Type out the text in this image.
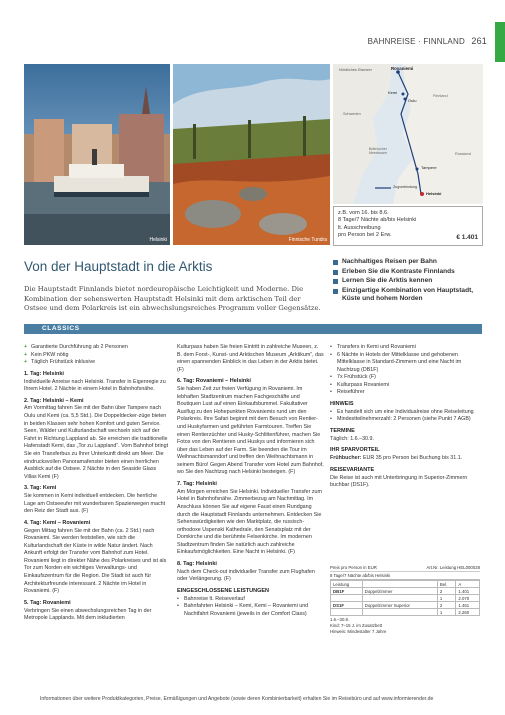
BAHNREISE · FINNLAND 261
Helsinki	Finnische Tundra
Nördliches Eismeer	Rovaniemi
Kemi
Oulu
Finnland
Schweden
Bottnischer Meerbusen
Tampere
Zugverbindung
Helsinki
Russland
z.B. vom 16. bis 8.6.
8 Tage/7 Nächte ab/bis Helsinki
lt. Ausschreibung
pro Person bei 2 Erw.	€ 1.401
Von der Hauptstadt in die Arktis

Die Hauptstadt Finnlands bietet nordeuropäische Leichtigkeit und Moderne. Die Kombination der sehenswerten Hauptstadt Helsinki mit dem arktischen Teil der Ostsee und dem Polarkreis ist ein abwechslungsreiches Programm voller Gegensätze.

Nachhaltiges Reisen per Bahn
Erleben Sie die Kontraste Finnlands
Lernen Sie die Arktis kennen
Einzigartige Kombination von Hauptstadt, Küste und hohem Norden
CLASSICS
+ Garantierte Durchführung ab 2 Personen
+ Kein PKW nötig
+ Täglich Frühstück inklusive
1. Tag: Helsinki

Individuelle Anreise nach Helsinki. Transfer in Eigenregie zu Ihrem Hotel. 2 Nächte in einem Hotel in Bahnhofsnähe.

2. Tag: Helsinki – Kemi

Am Vormittag fahren Sie mit der Bahn über Tampere nach Oulu und Kemi (ca. 5,5 Std.). Die Doppeldecker-züge bieten in beiden Klassen sehr hohen Komfort und guten Service. Seen, Wälder und Kulturlandschaft wechseln sich auf der Fahrt in Richtung Lappland ab. Sie erreichen die traditionelle Hafenstadt Kemi, das „Tor zu Lappland“. Vom Bahnhof bringt Sie ein Transferbus zu Ihrer Unterkunft direkt am Meer. Die eindrucksvollen Panoramafenster bieten einen herrlichen Ausblick auf die Ostsee. 2 Nächte in den Seaside Glass Villas Kemi (F)

3. Tag: Kemi

Sie kommen in Kemi individuell entdecken. Die herrliche Lage am Ostseeufer mit wunderbaren Spazierwegen macht den Reiz der Stadt aus. (F)

4. Tag: Kemi – Rovaniemi

Gegen Mittag fahren Sie mit der Bahn (ca. 2 Std.) nach Rovaniemi. Sie werden feststellen, wie sich die Kulturlandschaft der Küste in wilde Natur ändert. Nach Ankunft erfolgt der Transfer vom Bahnhof zum Hotel. Rovaniemi liegt in direkter Nähe des Polarkreises und ist als Tor zum Norden ein wichtiges Verwaltungs- und Einkaufszentrum für die Region. Die Stadt ist auch für Architekturfreunde interessant. 2 Nächte im Hotel in Rovaniemi. (F)

5. Tag: Rovaniemi

Verbringen Sie einen abwechslungsreichen Tag in der Metropole Lapplands. Mit dem inkludierten

Kulturpass haben Sie freien Eintritt in zahlreiche Museen, z. B. dem Forst-, Kunst- und Arktischen Museum „Arktikum“, das einen spannenden Einblick in das Leben in der Arktis bietet. (F)

6. Tag: Rovaniemi – Helsinki

Sie haben Zeit zur freien Verfügung in Rovaniemi. Im lebhaften Stadtzentrum machen Fachgeschäfte und Boutiquen Lust auf einen Einkaufsbummel. Fakultativer Ausflug zu den Hohepunkten Rovaniemis rund um den Polarkreis. Ihre Safari beginnt mit dem Besuch von Rentier- und Huskyfarmen und geführten Farmtouren. Treffen Sie einen Rentierzüchter und Husky-Schlittenführer, machen Sie Fotos von den Rentieren und Huskys und informieren sich über das Leben auf der Farm. Sie beenden die Tour im Weihnachtsmanndorf und treffen den Weihnachtsmann in seinem Büro! Gegen Abend Transfer vom Hotel zum Bahnhof, wo Sie den Nachtzug nach Helsinki besteigen. (F)

7. Tag: Helsinki

Am Morgen erreichen Sie Helsinki. Individueller Transfer zum Hotel in Bahnhofsnähe. Zimmerbezug am Nachmittag. Im Anschluss können Sie auf eigene Faust einen Rundgang durch die Hauptstadt Finnlands unternehmen. Entdecken Sie Sehenswürdigkeiten wie den Marktplatz, die russisch-orthodoxe Uspenski Kathedrale, den Senatsplatz mit der Domkirche und die berühmte Felsenkirche. Im modernen Stadtzentrum finden Sie natürlich auch zahlreiche Einkaufsmöglichkeiten. Eine Nacht in Helsinki. (F)

8. Tag: Helsinki

Nach dem Check-out individueller Transfer zum Flughafen oder Verlängerung. (F)

EINGESCHLOSSENE LEISTUNGEN
• Bahnreise lt. Reiseverlauf
• Bahnfahrten Helsinki – Kemi, Kemi – Rovaniemi und Nachtfahrt Rovaniemi (jeweils in der Comfort Class)
• Transfers in Kemi und Rovaniemi
• 6 Nächte in Hotels der Mittelklasse und gehobenen Mittelklasse in Standard-Zimmern und eine Nacht im Nachtzug (DB1F)
• 7x Frühstück (F)
• Kulturpass Rovaniemi
• Reiseführer
HINWEIS
• Es handelt sich um eine Individualreise ohne Reiseleitung
• Mindestteilnehmerzahl: 2 Personen (siehe Punkt 7 AGB)
TERMINE

Täglich: 1.6.–30.9.

IHR SPARVORTEIL

Frühbucher: EUR 35 pro Person bei Buchung bis 31.1.

REISEVARIANTE

Die Reise ist auch mit Unterbringung in Superior-Zimmern buchbar (DS1F).

Preis pro Person in EUR	Art.Nr. Leistung HEL000028
8 Tage/7 Nächte ab/bis Helsinki
Leistung		Bel.	A
DB1F	Doppelzimmer	2	1.401
		1	2.070
DS1F	Doppelzimmer Superior	2	1.461
		1	2.260
1.6.–30.9.
Kind: 7–15 J. im Zusatzbett
Hinweis: Mindestalter 7 Jahre
Informationen über weitere Produktkategorien, Preise, Ermäßigungen und Angebote (sowie deren Kombinierbarkeit) erhalten Sie im Reisebüro und auf www.informierender.de
